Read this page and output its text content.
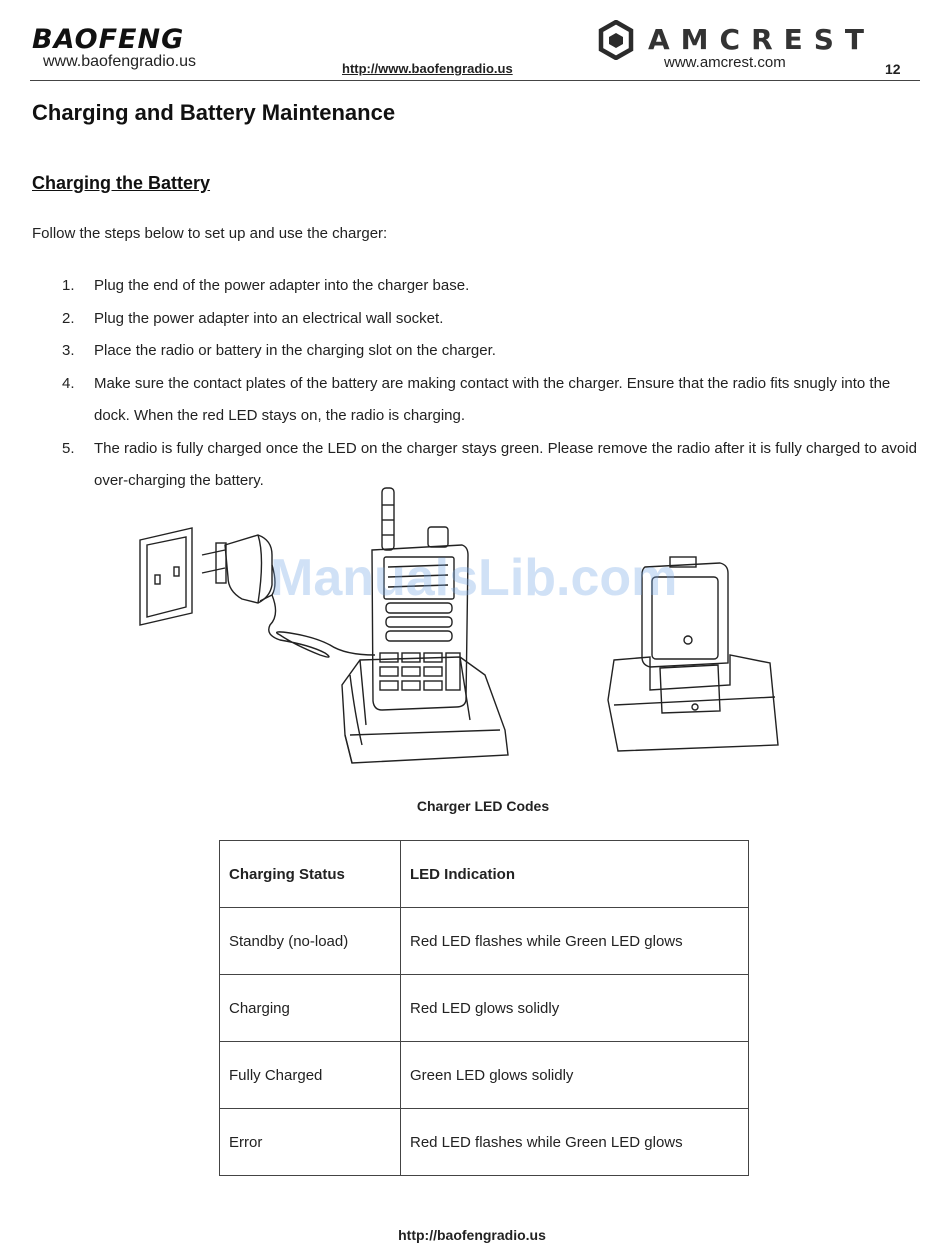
BAOFENG
www.baofengradio.us	http://www.baofengradio.us
AMCREST
www.amcrest.com	12
Charging and Battery Maintenance
Charging the Battery
Follow the steps below to set up and use the charger:
1. Plug the end of the power adapter into the charger base.
2. Plug the power adapter into an electrical wall socket.
3. Place the radio or battery in the charging slot on the charger.
4. Make sure the contact plates of the battery are making contact with the charger. Ensure that the radio fits snugly into the dock. When the red LED stays on, the radio is charging.
5. The radio is fully charged once the LED on the charger stays green. Please remove the radio after it is fully charged to avoid over-charging the battery.
ManualsLib.com
Charger LED Codes
Charging Status	LED Indication
Standby (no-load)	Red LED flashes while Green LED glows
Charging	Red LED glows solidly
Fully Charged	Green LED glows solidly
Error	Red LED flashes while Green LED glows
http://baofengradio.us
